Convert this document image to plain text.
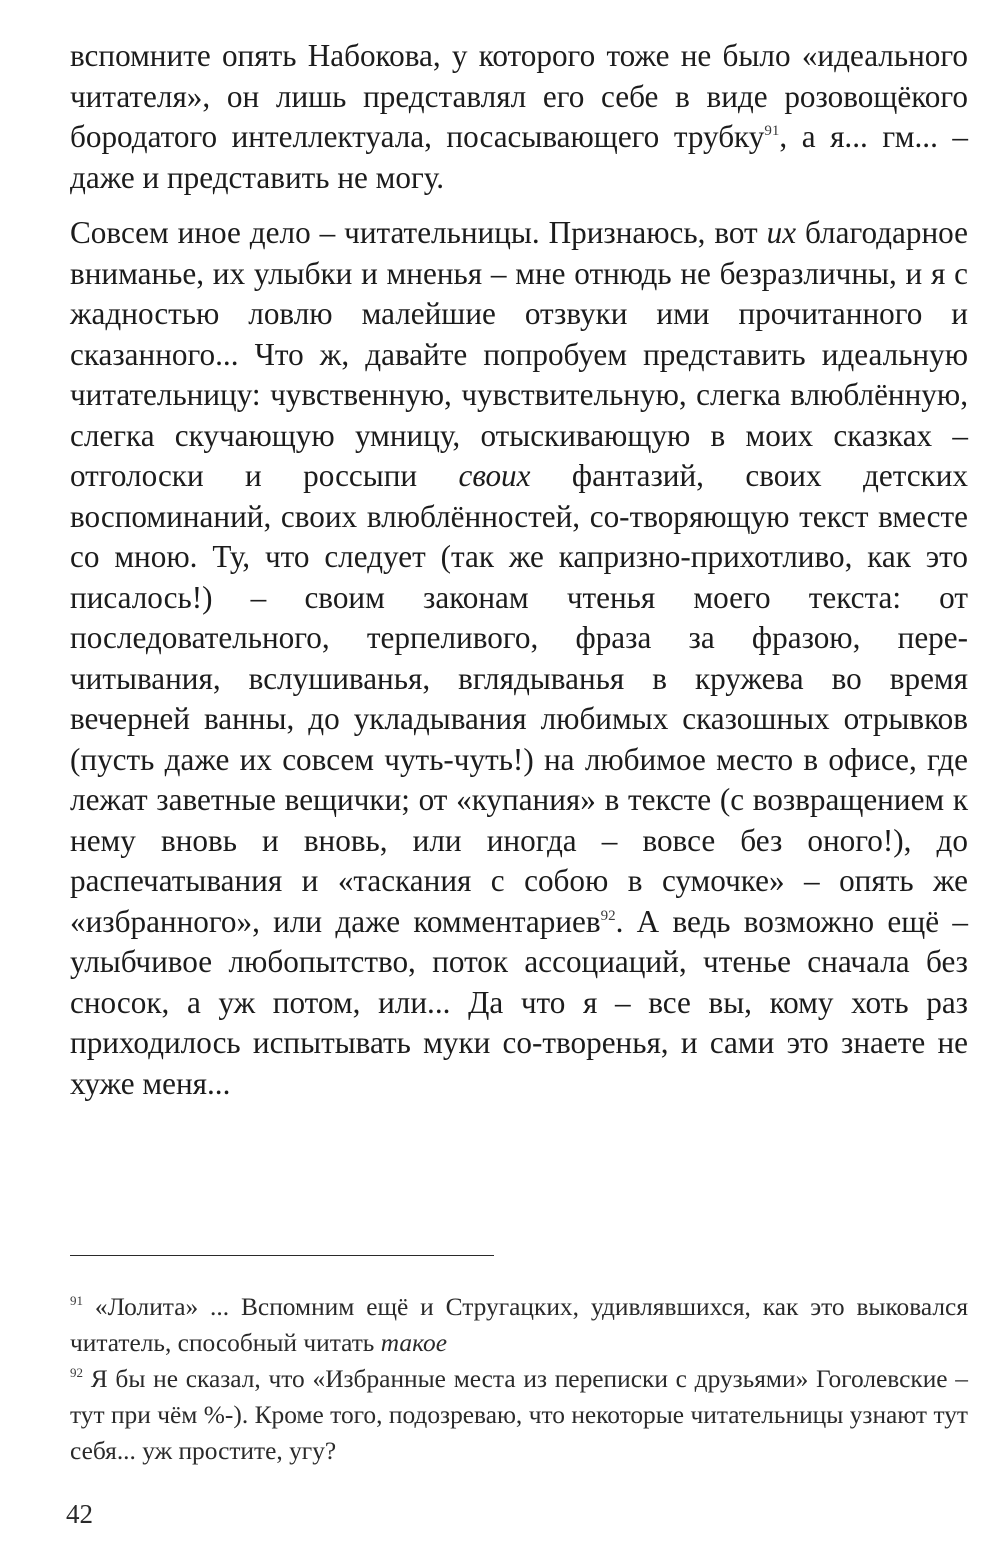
вспомните опять Набокова, у которого тоже не было «идеального читателя», он лишь представлял его себе в виде розовощёкого бородатого интеллектуала, посасывающего трубку$^{91}$, а я... гм... – даже и представить не могу.

Совсем иное дело – читательницы. Признаюсь, вот их благодарное вниманье, их улыбки и мненья – мне отнюдь не безразличны, и я с жадностью ловлю малейшие отзвуки ими прочитанного и сказанного... Что ж, давайте попробуем представить идеальную читательницу: чувственную, чувствительную, слегка влюблённую, слегка скучающую умницу, отыскивающую в моих сказках – отголоски и россыпи своих фантазий, своих детских воспоминаний, своих влюблённостей, со-творяющую текст вместе со мною. Ту, что следует (так же капризно-прихотливо, как это писалось!) – своим законам чтенья моего текста: от последовательного, терпеливого, фраза за фразою, пере-читывания, вслушиванья, вглядыванья в кружева во время вечерней ванны, до укладывания любимых сказошных отрывков (пусть даже их совсем чуть-чуть!) на любимое место в офисе, где лежат заветные вещички; от «купания» в тексте (с возвращением к нему вновь и вновь, или иногда – вовсе без оного!), до распечатывания и «таскания с собою в сумочке» – опять же «избранного», или даже комментариев$^{92}$. А ведь возможно ещё – улыбчивое любопытство, поток ассоциаций, чтенье сначала без сносок, а уж потом, или... Да что я – все вы, кому хоть раз приходилось испытывать муки со-творенья, и сами это знаете не хуже меня...

$^{91}$ «Лолита» ... Вспомним ещё и Стругацких, удивлявшихся, как это выковался читатель, способный читать такое

$^{92}$ Я бы не сказал, что «Избранные места из переписки с друзьями» Гоголевские – тут при чём %-). Кроме того, подозреваю, что некоторые читательницы узнают тут себя... уж простите, угу?

42
